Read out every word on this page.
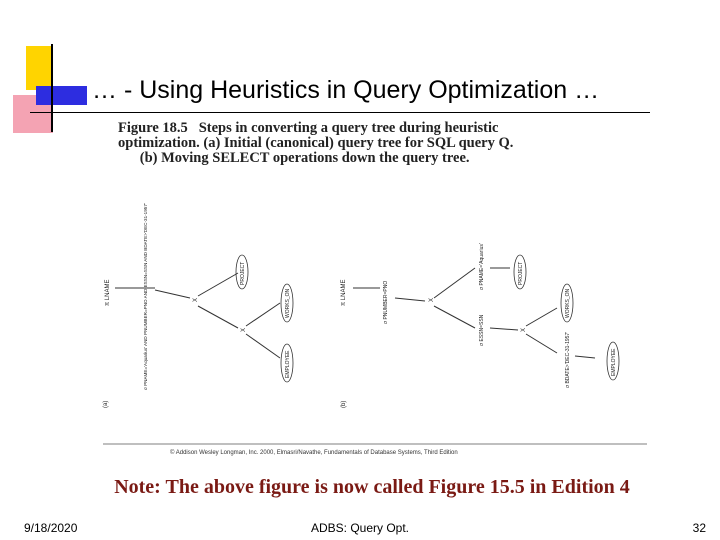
… - Using Heuristics in Query Optimization …
Figure 18.5 Steps in converting a query tree during heuristic
optimization. (a) Initial (canonical) query tree for SQL query Q.
(b) Moving SELECT operations down the query tree.
(a)
π LNAME	σ PNAME='Aquarius' AND PNUMBER=PNO AND ESSN=SSN AND BDATE>'DEC-31-1957'	X
X
PROJECT
WORKS_ON
EMPLOYEE
(b)
π LNAME	σ PNUMBER=PNO	X
σ PNAME='Aquarius'
σ ESSN=SSN	X
PROJECT
WORKS_ON
σ BDATE>'DEC-31-1957'	EMPLOYEE
© Addison Wesley Longman, Inc. 2000, Elmasri/Navathe, Fundamentals of Database Systems, Third Edition
Note: The above figure is now called Figure 15.5 in Edition 4
9/18/2020	ADBS: Query Opt.	32
